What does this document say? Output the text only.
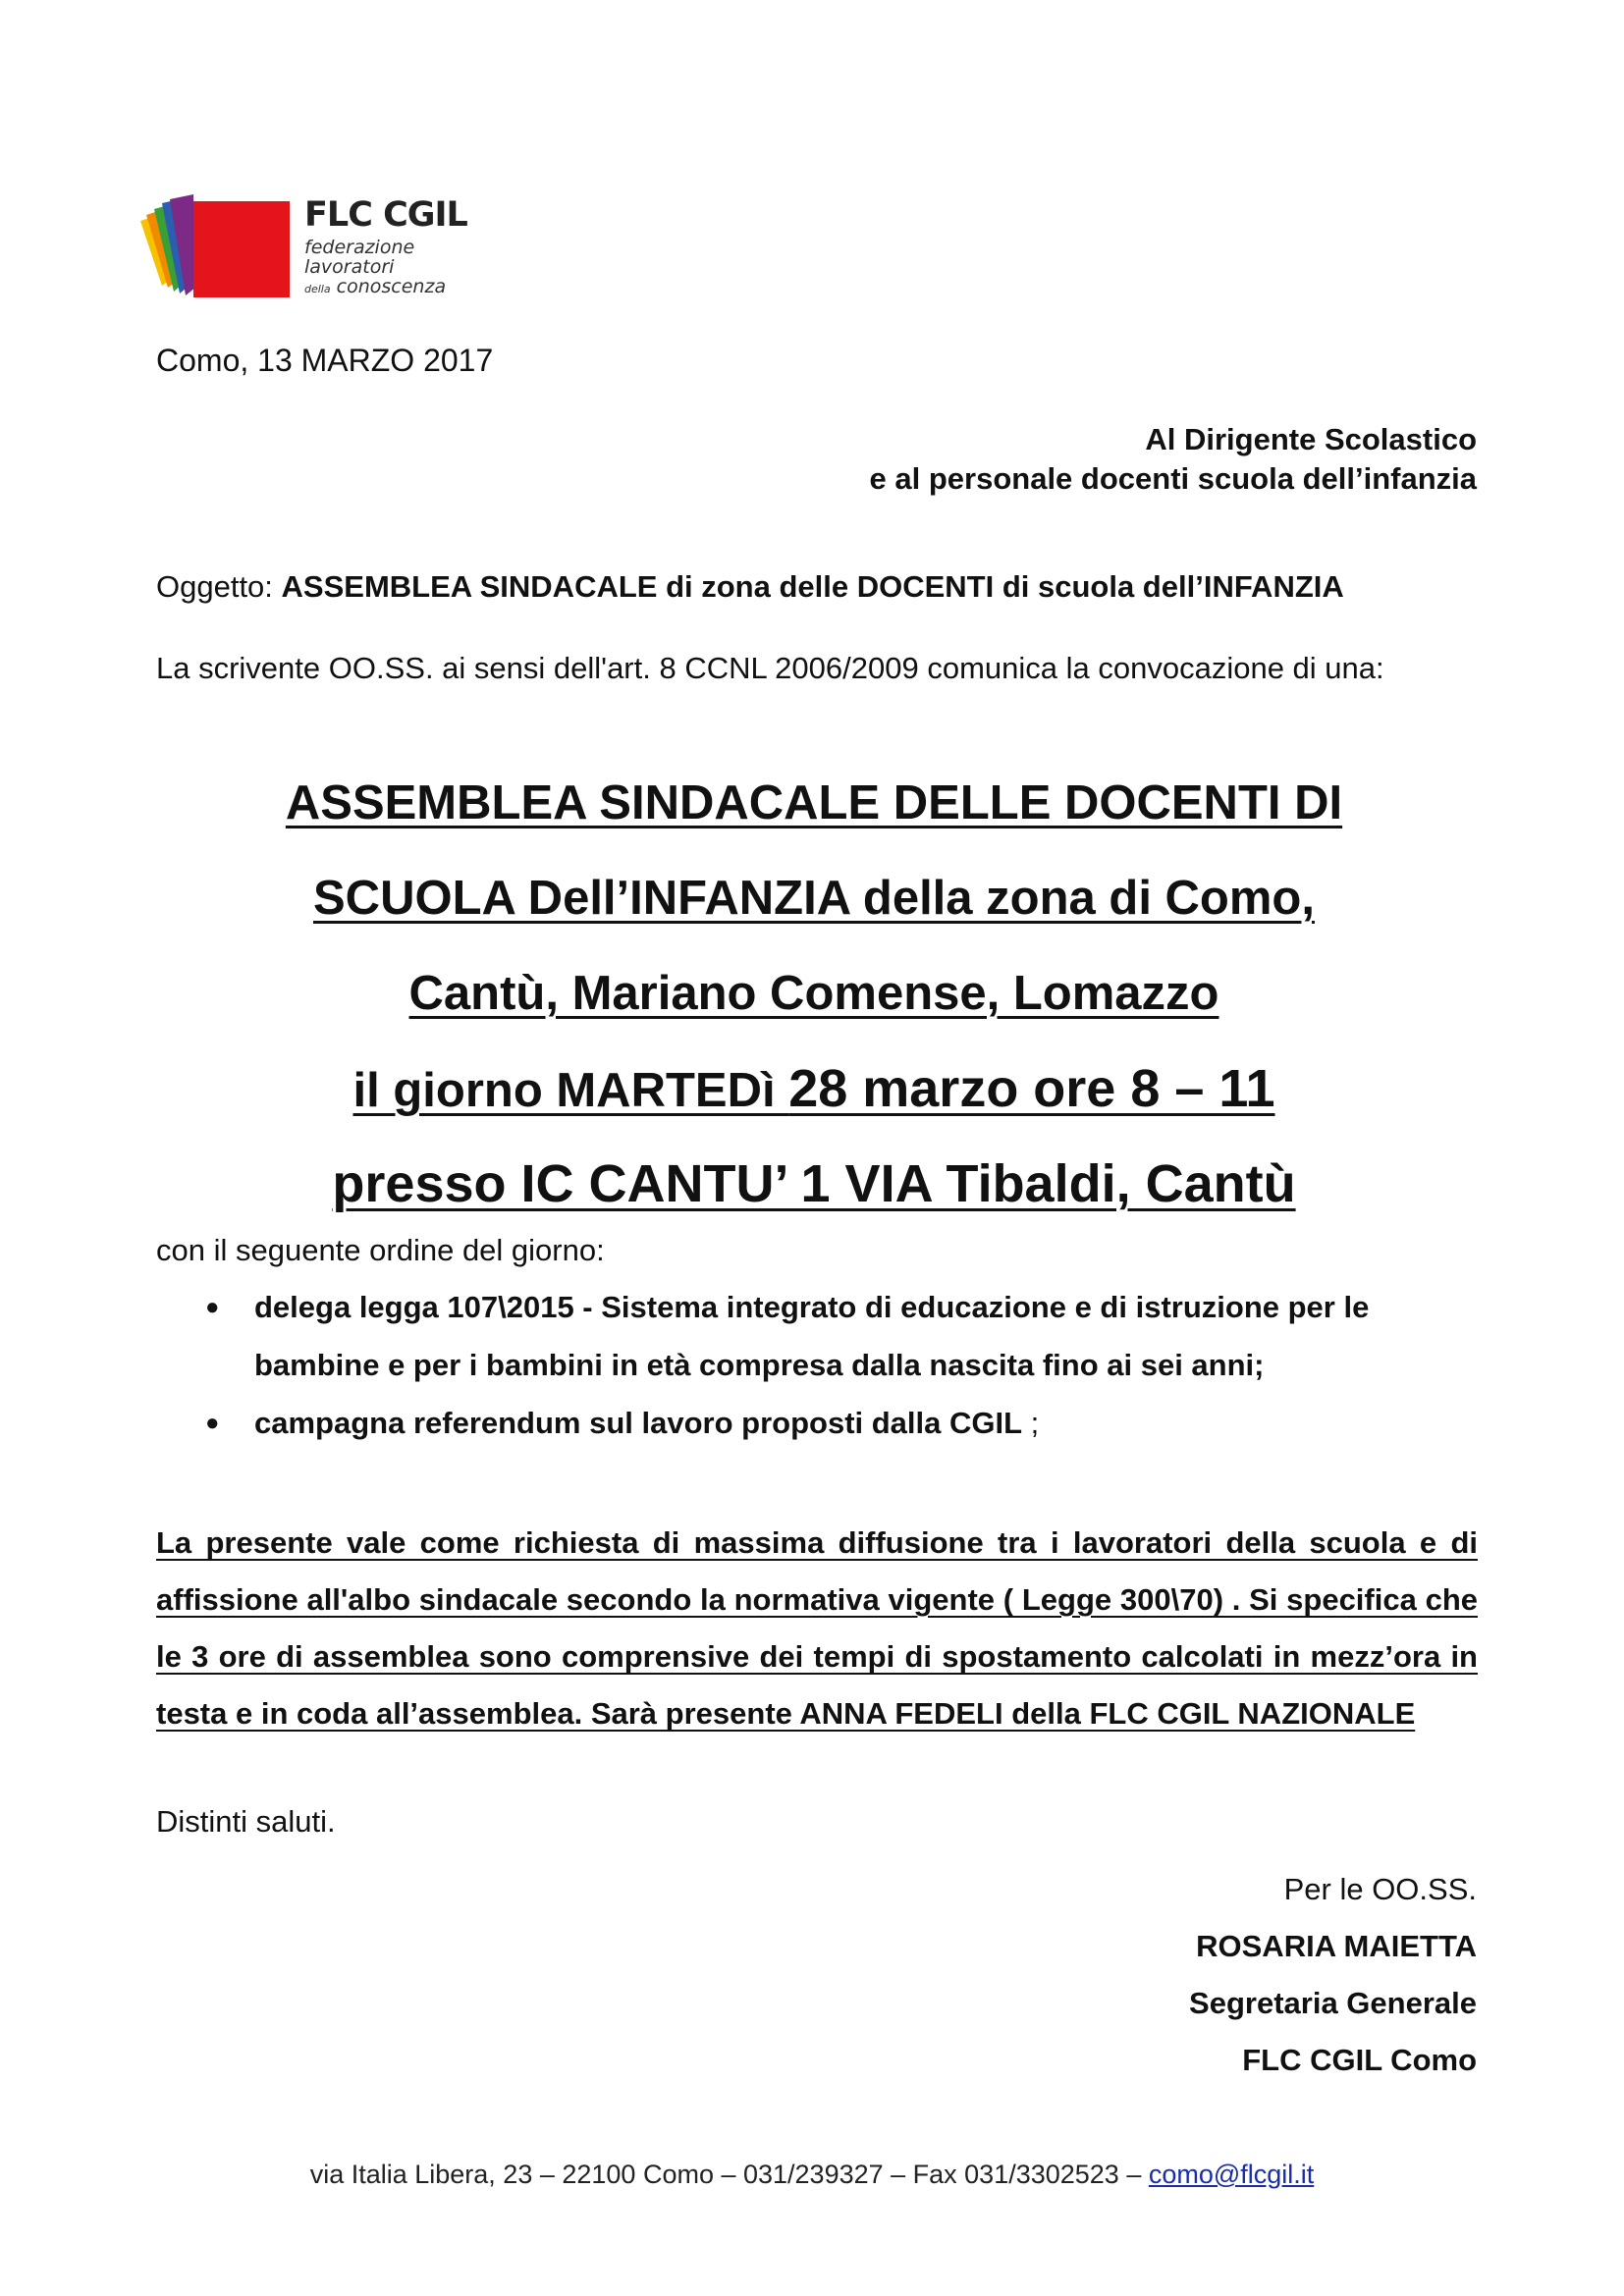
FLC CGIL
federazione
lavoratori
della conoscenza
Como, 13 MARZO 2017
Al Dirigente Scolastico
e al personale docenti scuola dell’infanzia
Oggetto: ASSEMBLEA SINDACALE di zona delle DOCENTI di scuola dell’INFANZIA
La scrivente OO.SS. ai sensi dell'art. 8 CCNL 2006/2009 comunica la convocazione di una:
ASSEMBLEA SINDACALE DELLE DOCENTI DI
SCUOLA Dell’INFANZIA della zona di Como,
Cantù, Mariano Comense, Lomazzo
il giorno MARTEDì 28 marzo ore 8 – 11
presso IC CANTU’ 1 VIA Tibaldi, Cantù
con il seguente ordine del giorno:
● delega legga 107\2015 - Sistema integrato di educazione e di istruzione per le bambine e per i bambini in età compresa dalla nascita fino ai sei anni;
● campagna referendum sul lavoro proposti dalla CGIL ;
La presente vale come richiesta di massima diffusione tra i lavoratori della scuola e di affissione all'albo sindacale secondo la normativa vigente ( Legge 300\70) . Si specifica che le 3 ore di assemblea sono comprensive dei tempi di spostamento calcolati in mezz’ora in testa e in coda all’assemblea. Sarà presente ANNA FEDELI della FLC CGIL NAZIONALE
Distinti saluti.
Per le OO.SS.
ROSARIA MAIETTA
Segretaria Generale
FLC CGIL Como
via Italia Libera, 23 – 22100 Como – 031/239327 – Fax 031/3302523 – como@flcgil.it
